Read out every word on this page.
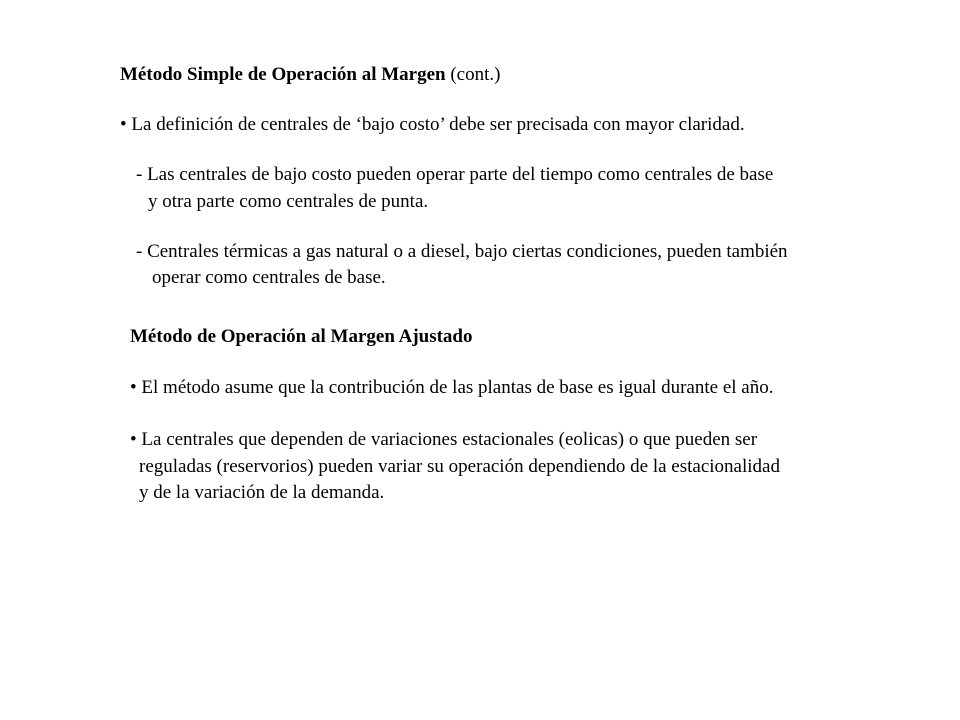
Método Simple de Operación al Margen (cont.)
• La definición de centrales de ‘bajo costo’ debe ser precisada con mayor claridad.
- Las centrales de bajo costo pueden operar parte del tiempo como centrales de base
y otra parte como centrales de punta.
- Centrales térmicas a gas natural o a diesel, bajo ciertas condiciones, pueden también
operar como centrales de base.
Método de Operación al Margen Ajustado
• El método asume que la contribución de las plantas de base es igual durante el año.
• La centrales que dependen de variaciones estacionales (eolicas) o que pueden ser
reguladas (reservorios) pueden variar su operación dependiendo de la estacionalidad
y de la variación de la demanda.
